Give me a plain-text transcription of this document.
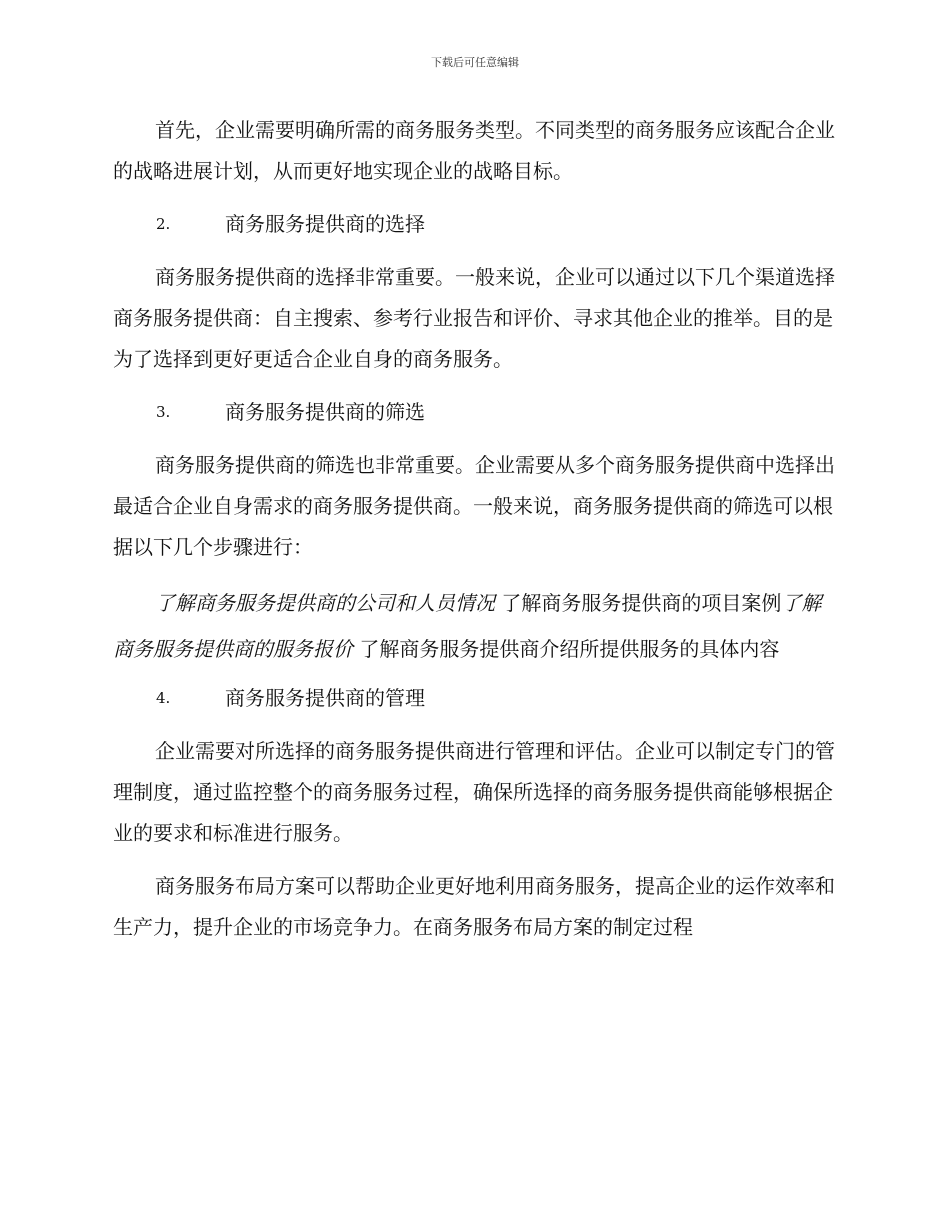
下载后可任意编辑

首先，企业需要明确所需的商务服务类型。不同类型的商务服务应该配合企业的战略进展计划，从而更好地实现企业的战略目标。

2.	商务服务提供商的选择

商务服务提供商的选择非常重要。一般来说，企业可以通过以下几个渠道选择商务服务提供商：自主搜索、参考行业报告和评价、寻求其他企业的推举。目的是为了选择到更好更适合企业自身的商务服务。

3.	商务服务提供商的筛选

商务服务提供商的筛选也非常重要。企业需要从多个商务服务提供商中选择出最适合企业自身需求的商务服务提供商。一般来说，商务服务提供商的筛选可以根据以下几个步骤进行：

了解商务服务提供商的公司和人员情况 了解商务服务提供商的项目案例了解商务服务提供商的服务报价 了解商务服务提供商介绍所提供服务的具体内容

4.	商务服务提供商的管理

企业需要对所选择的商务服务提供商进行管理和评估。企业可以制定专门的管理制度，通过监控整个的商务服务过程，确保所选择的商务服务提供商能够根据企业的要求和标准进行服务。

商务服务布局方案可以帮助企业更好地利用商务服务，提高企业的运作效率和生产力，提升企业的市场竞争力。在商务服务布局方案的制定过程
